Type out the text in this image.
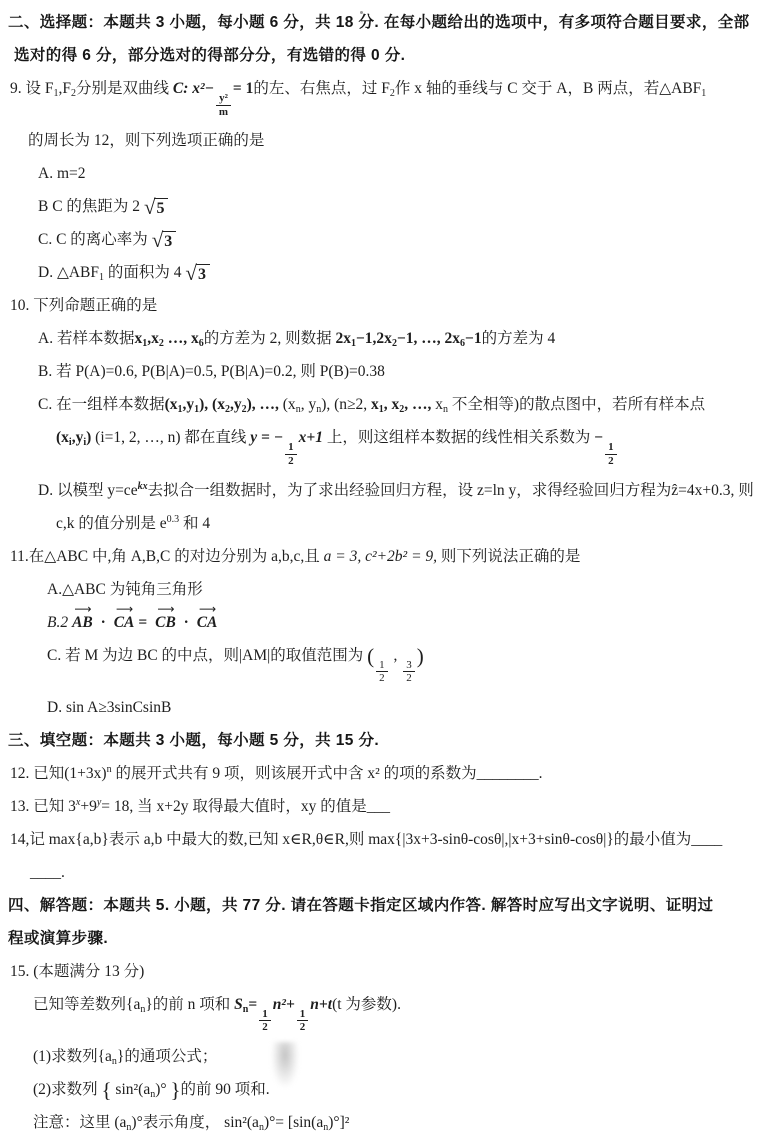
二、选择题：本题共 3 小题，每小题 6 分，共 18 分. 在每小题给出的选项中，有多项符合题目要求，全部
选对的得 6 分，部分选对的得部分分，有选错的得 0 分.
9. 设 $F_1,F_2$分别是双曲线 C: x²−
$\frac{\text{y²}}{m}$
= 1的左、右焦点，过 $F_2$作 x 轴的垂线与 C 交于 A，B 两点，若$\triangle ABF_1$
的周长为 12，则下列选项正确的是
A. m=2
B C 的焦距为 2 √ 5
C. C 的离心率为 √ 3
D. $\triangle ABF_1$ 的面积为 4 √ 3
10. 下列命题正确的是
A. 若样本数据$x_1,x_2$ …, $x_6$的方差为 2, 则数据 $2x_1-1,2x_2-1$, …, $2x_6-1$的方差为 4
B. 若 P(A)=0.6, P(B|A)=0.5, P(B|A)=0.2, 则 P(B)=0.38
C. 在一组样本数据$(x_1,y_1)$, $(x_2,y_2)$, …, ($x_n$, $y_n$), (n≥2, $x_1$, $x_2$, …, $x_n$ 不全相等)的散点图中，若所有样本点
$(x_i,y_i)$ (i=1, 2, …, n) 都在直线 y = −
$\frac{1}{2}$
x+1 上，则这组样本数据的线性相关系数为 −
$\frac{1}{2}$
D. 以模型 $y=ce^{kx}$去拟合一组数据时，为了求出经验回归方程，设 z=ln y，求得经验回归方程为ẑ=4x+0.3, 则
c,k 的值分别是 $e^{0.3}$ 和 4
11.在△ABC 中,角 A,B,C 的对边分别为 a,b,c,且 a = 3, c²+2b² = 9, 则下列说法正确的是
A.△ABC 为钝角三角形
B.2
⟶
AB ·
⟶
CA =
⟶
CB ·
⟶
CA
C. 若 M 为边 BC 的中点，则|AM|的取值范围为 (
$\frac{1}{2}$
,
$\frac{3}{2}$
)
D. sin A≥3sinCsinB
三、填空题：本题共 3 小题，每小题 5 分，共 15 分.
12. 已知$(1+3x)^n$ 的展开式共有 9 项，则该展开式中含 x² 的项的系数为________.
13. 已知 $3^x+9^y= 18$, 当 x+2y 取得最大值时，xy 的值是___
14,记 max{a,b}表示 a,b 中最大的数,已知 x∈R,θ∈R,则 max{|3x+3-sinθ-cosθ|,|x+3+sinθ-cosθ|}的最小值为____
____.
四、解答题：本题共 5. 小题，共 77 分. 请在答题卡指定区域内作答. 解答时应写出文字说明、证明过
程或演算步骤.
15. (本题满分 13 分)
已知等差数列$\{a_n\}$的前 n 项和 $S_n=$
$\frac{1}{2}$
n²+
$\frac{1}{2}$
n+t(t 为参数).
(1)求数列$\{a_n\}$的通项公式；
(2)求数列 { $\sin^2(a_n)^\circ$ }的前 90 项和.
注意：这里 $(a_n)^\circ$表示角度， $\sin^2(a_n)^\circ= [\sin(a_n)^\circ]^2$
